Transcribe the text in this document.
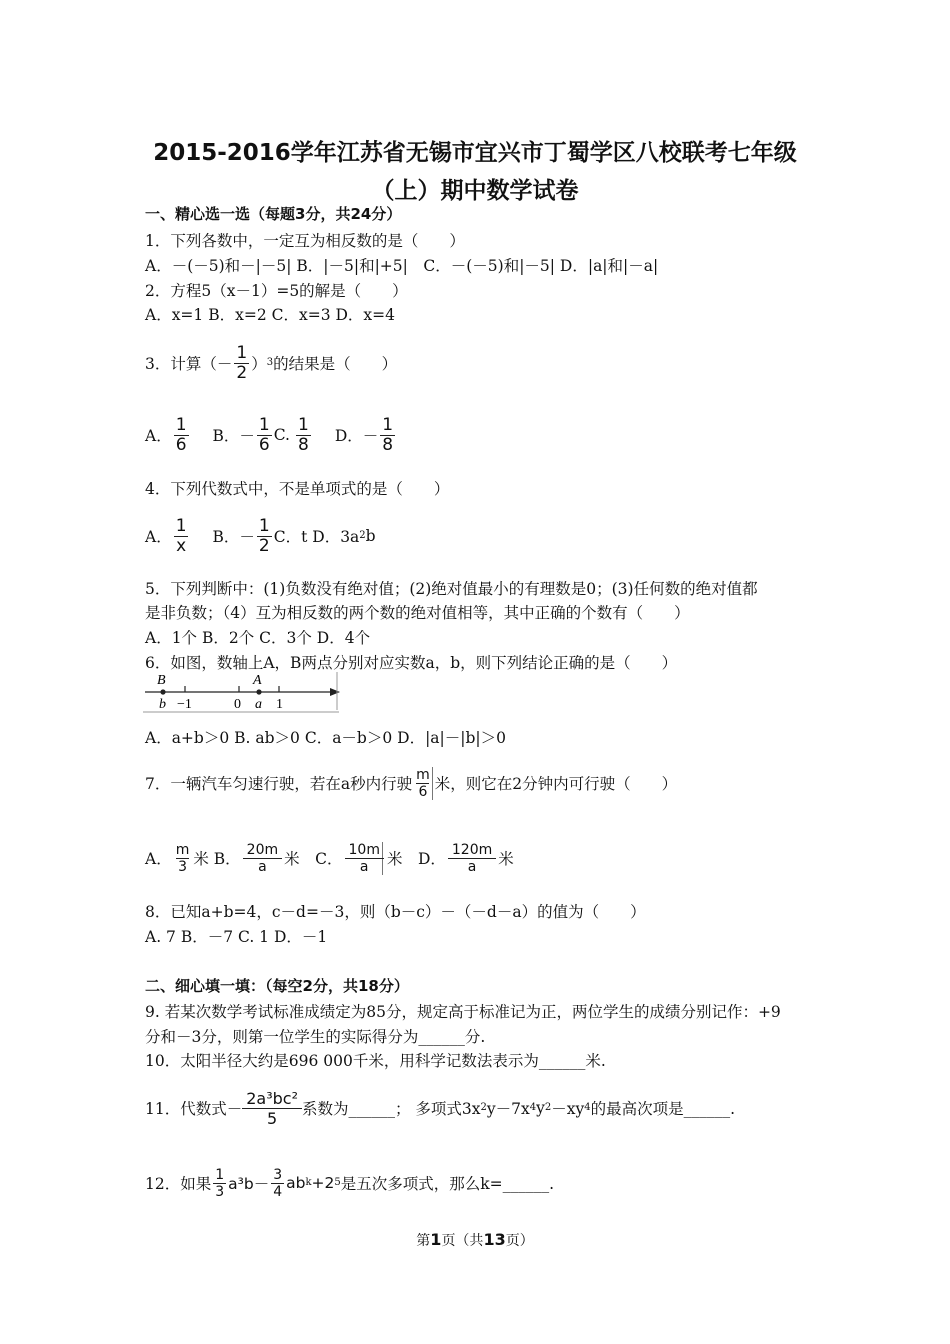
2015-2016学年江苏省无锡市宜兴市丁蜀学区八校联考七年级
（上）期中数学试卷
一、精心选一选（每题3分，共24分）
1．下列各数中，一定互为相反数的是（　　）
A．－(－5)和－|－5| B．|－5|和|+5|　C．－(－5)和|－5| D．|a|和|－a|
2．方程5（x－1）=5的解是（　　）
A．x=1 B．x=2 C．x=3 D．x=4
3．计算（－ $\frac{1}{2}$ ） 3 的结果是（　　）
A． $\frac{1}{6}$ B．－ $\frac{1}{6} C$. $\frac{1}{8}$ D．－ $\frac{1}{8}$
4．下列代数式中，不是单项式的是（　　）
A． $\frac{1}{x}$ B．－ $\frac{1}{2}$ C．t D．3a 2 b
5．下列判断中：(1)负数没有绝对值；(2)绝对值最小的有理数是0；(3)任何数的绝对值都
是非负数；（4）互为相反数的两个数的绝对值相等，其中正确的个数有（　　）
A．1个 B．2个 C．3个 D．4个
6．如图，数轴上A，B两点分别对应实数a，b，则下列结论正确的是（　　）
B
b −1	0
A
a 1
A．a+b＞0 B. ab＞0 C．a－b＞0 D．|a|－|b|＞0
7．一辆汽车匀速行驶，若在a秒内行驶 $\frac{m}{6}$ 米，则它在2分钟内可行驶（　　）
A． $\frac{m}{3}$ 米 B． $\frac{20m}{a}$ 米　C． $\frac{10m}{a}$ 米　D． $\frac{120m}{a}$ 米
8．已知a+b=4，c－d=－3，则（b－c）－（－d－a）的值为（　　）
A. 7 B．－7 C. 1 D．－1
二、细心填一填：（每空2分，共18分）
9. 若某次数学考试标准成绩定为85分，规定高于标准记为正，两位学生的成绩分别记作：+9
分和－3分，则第一位学生的实际得分为______分.
10．太阳半径大约是696 000千米，用科学记数法表示为______米.
11．代数式－ $\frac{\text{2a³bc²}}{5}$ 系数为______； 多项式3x 2 y－7x 4 y 2 －xy 4 的最高次项是______.
12．如果 $\frac{1}{3} a^3b- \frac{3}{4}$ ab k +2 5 是五次多项式，那么k=______.
第1页（共13页）
